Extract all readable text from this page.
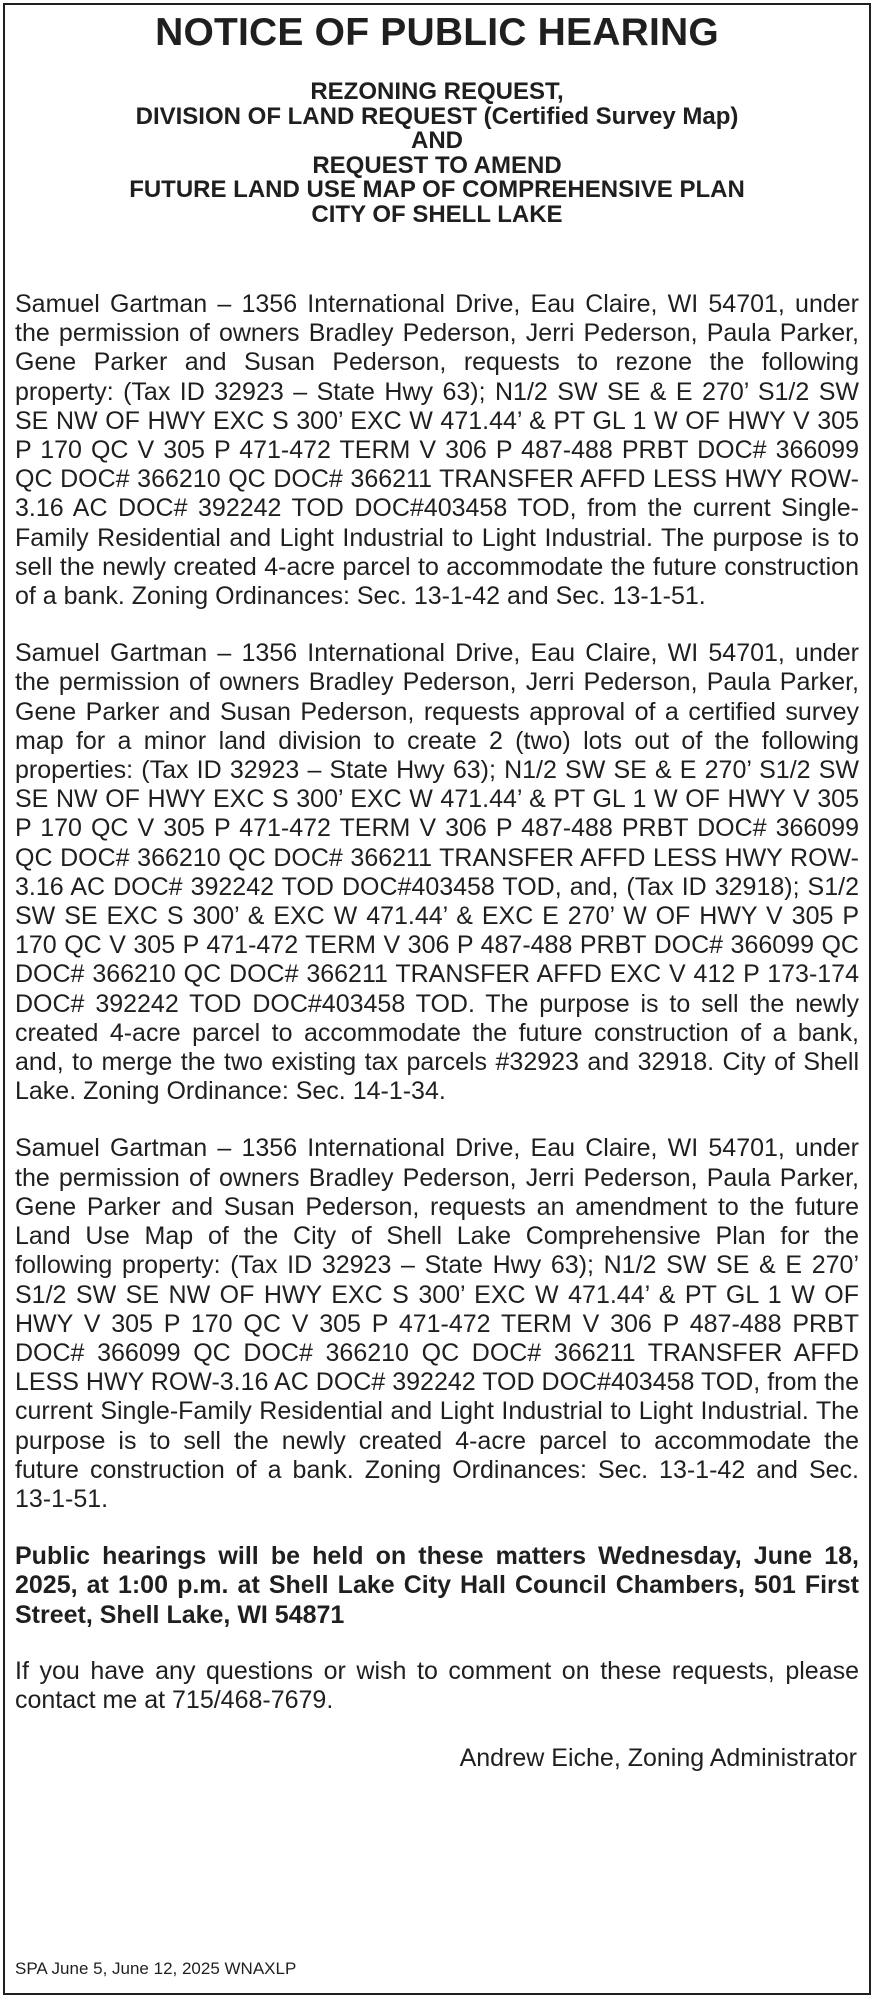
NOTICE OF PUBLIC HEARING
REZONING REQUEST,
DIVISION OF LAND REQUEST (Certified Survey Map)
AND
REQUEST TO AMEND
FUTURE LAND USE MAP OF COMPREHENSIVE PLAN
CITY OF SHELL LAKE

Samuel Gartman – 1356 International Drive, Eau Claire, WI 54701, under the permission of owners Bradley Pederson, Jerri Pederson, Paula Parker, Gene Parker and Susan Pederson, requests to rezone the following property: (Tax ID 32923 – State Hwy 63); N1/2 SW SE & E 270’ S1/2 SW SE NW OF HWY EXC S 300’ EXC W 471.44’ & PT GL 1 W OF HWY V 305 P 170 QC V 305 P 471-472 TERM V 306 P 487-488 PRBT DOC# 366099 QC DOC# 366210 QC DOC# 366211 TRANSFER AFFD LESS HWY ROW-3.16 AC DOC# 392242 TOD DOC#403458 TOD, from the current Single-Family Residential and Light Industrial to Light Industrial. The purpose is to sell the newly created 4-acre parcel to accommodate the future construction of a bank. Zoning Ordinances: Sec. 13-1-42 and Sec. 13-1-51.

Samuel Gartman – 1356 International Drive, Eau Claire, WI 54701, under the permission of owners Bradley Pederson, Jerri Pederson, Paula Parker, Gene Parker and Susan Pederson, requests approval of a certified survey map for a minor land division to create 2 (two) lots out of the following properties: (Tax ID 32923 – State Hwy 63); N1/2 SW SE & E 270’ S1/2 SW SE NW OF HWY EXC S 300’ EXC W 471.44’ & PT GL 1 W OF HWY V 305 P 170 QC V 305 P 471-472 TERM V 306 P 487-488 PRBT DOC# 366099 QC DOC# 366210 QC DOC# 366211 TRANSFER AFFD LESS HWY ROW-3.16 AC DOC# 392242 TOD DOC#403458 TOD, and, (Tax ID 32918); S1/2 SW SE EXC S 300’ & EXC W 471.44’ & EXC E 270’ W OF HWY V 305 P 170 QC V 305 P 471-472 TERM V 306 P 487-488 PRBT DOC# 366099 QC DOC# 366210 QC DOC# 366211 TRANSFER AFFD EXC V 412 P 173-174 DOC# 392242 TOD DOC#403458 TOD. The purpose is to sell the newly created 4-acre parcel to accommodate the future construction of a bank, and, to merge the two existing tax parcels #32923 and 32918. City of Shell Lake. Zoning Ordinance: Sec. 14-1-34.

Samuel Gartman – 1356 International Drive, Eau Claire, WI 54701, under the permission of owners Bradley Pederson, Jerri Pederson, Paula Parker, Gene Parker and Susan Pederson, requests an amendment to the future Land Use Map of the City of Shell Lake Comprehensive Plan for the following property: (Tax ID 32923 – State Hwy 63); N1/2 SW SE & E 270’ S1/2 SW SE NW OF HWY EXC S 300’ EXC W 471.44’ & PT GL 1 W OF HWY V 305 P 170 QC V 305 P 471-472 TERM V 306 P 487-488 PRBT DOC# 366099 QC DOC# 366210 QC DOC# 366211 TRANSFER AFFD LESS HWY ROW-3.16 AC DOC# 392242 TOD DOC#403458 TOD, from the current Single-Family Residential and Light Industrial to Light Industrial. The purpose is to sell the newly created 4-acre parcel to accommodate the future construction of a bank. Zoning Ordinances: Sec. 13-1-42 and Sec. 13-1-51.

Public hearings will be held on these matters Wednesday, June 18, 2025, at 1:00 p.m. at Shell Lake City Hall Council Chambers, 501 First Street, Shell Lake, WI 54871

If you have any questions or wish to comment on these requests, please contact me at 715/468-7679.

Andrew Eiche, Zoning Administrator

SPA June 5, June 12, 2025 WNAXLP
